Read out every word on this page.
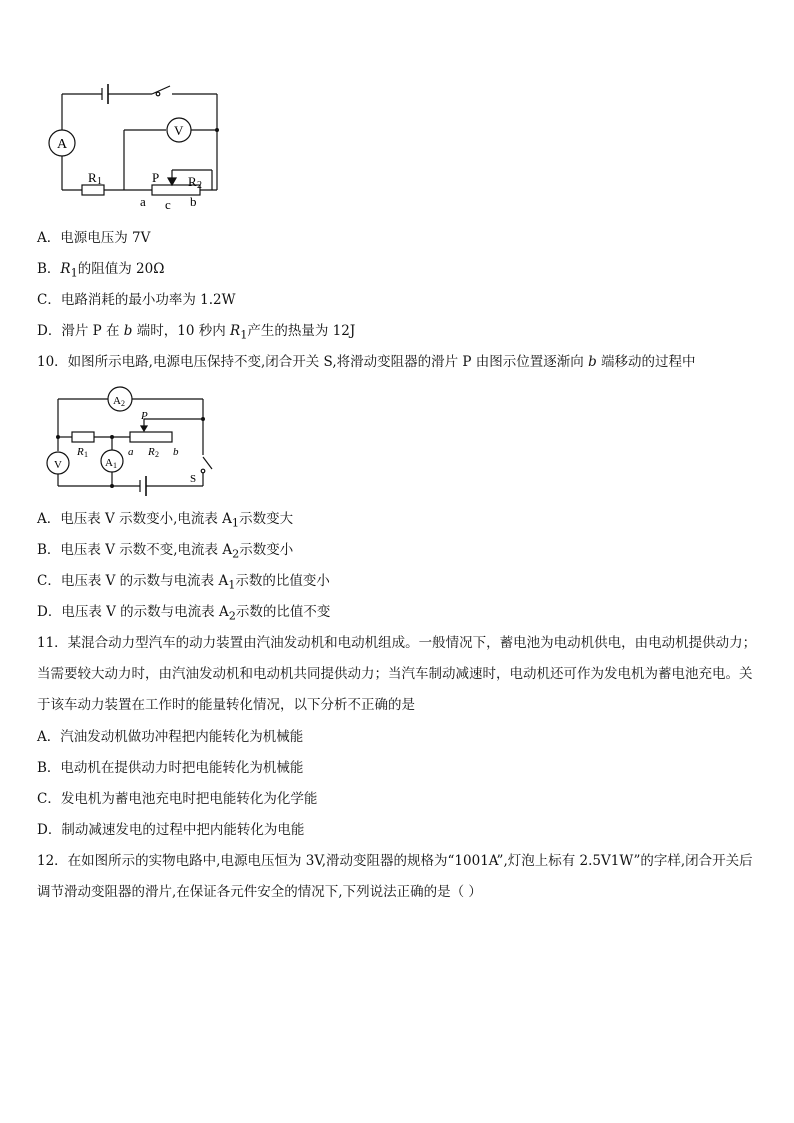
A
V
R 1	P R 2
a c b
A．电源电压为 7V
B．$R_1$的阻值为 20Ω
C．电路消耗的最小功率为 1.2W
D．滑片 P 在 b 端时，10 秒内 $R_1$产生的热量为 12J
10．如图所示电路,电源电压保持不变,闭合开关 S,将滑动变阻器的滑片 P 由图示位置逐渐向 b 端移动的过程中
A 2
A 1
V
R 1	R 2
P
a	b
S
A．电压表 V 示数变小,电流表 $A_1$示数变大
B．电压表 V 示数不变,电流表 $A_2$示数变小
C．电压表 V 的示数与电流表 $A_1$示数的比值变小
D．电压表 V 的示数与电流表 $A_2$示数的比值不变
11．某混合动力型汽车的动力装置由汽油发动机和电动机组成。一般情况下，蓄电池为电动机供电，由电动机提供动力；当需要较大动力时，由汽油发动机和电动机共同提供动力；当汽车制动减速时，电动机还可作为发电机为蓄电池充电。关于该车动力装置在工作时的能量转化情况，以下分析不正确的是
A．汽油发动机做功冲程把内能转化为机械能
B．电动机在提供动力时把电能转化为机械能
C．发电机为蓄电池充电时把电能转化为化学能
D．制动减速发电的过程中把内能转化为电能
12．在如图所示的实物电路中,电源电压恒为 3V,滑动变阻器的规格为“1001A”,灯泡上标有 2.5V1W”的字样,闭合开关后调节滑动变阻器的滑片,在保证各元件安全的情况下,下列说法正确的是（ ）
